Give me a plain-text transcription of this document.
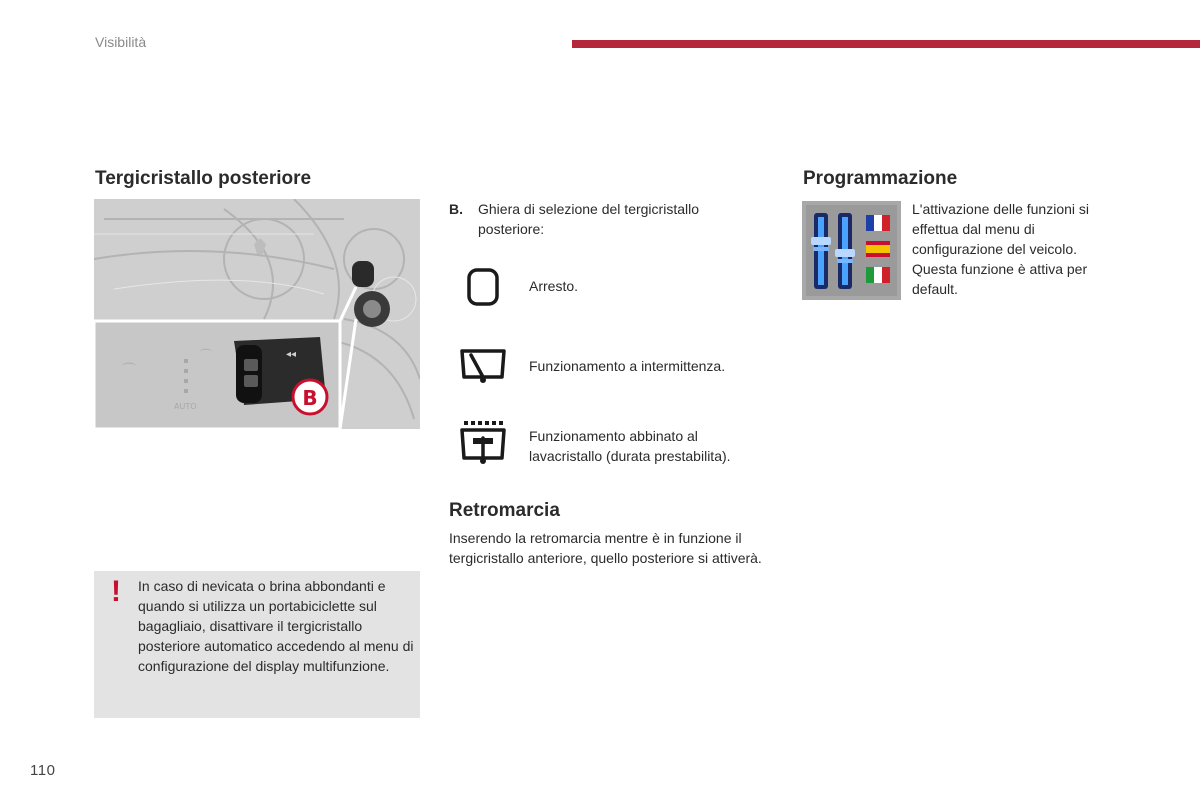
Visibilità
Tergicristallo posteriore
⌒
⌒
AUTO
◂◂
B
! In caso di nevicata o brina abbondanti e quando si utilizza un portabiciclette sul bagagliaio, disattivare il tergicristallo posteriore automatico accedendo al menu di configurazione del display multifunzione.
B. Ghiera di selezione del tergicristallo posteriore:
Arresto.
Funzionamento a intermittenza.
Funzionamento abbinato al lavacristallo (durata prestabilita).
Retromarcia
Inserendo la retromarcia mentre è in funzione il tergicristallo anteriore, quello posteriore si attiverà.
Programmazione
L'attivazione delle funzioni si effettua dal menu di configurazione del veicolo. Questa funzione è attiva per default.
110
